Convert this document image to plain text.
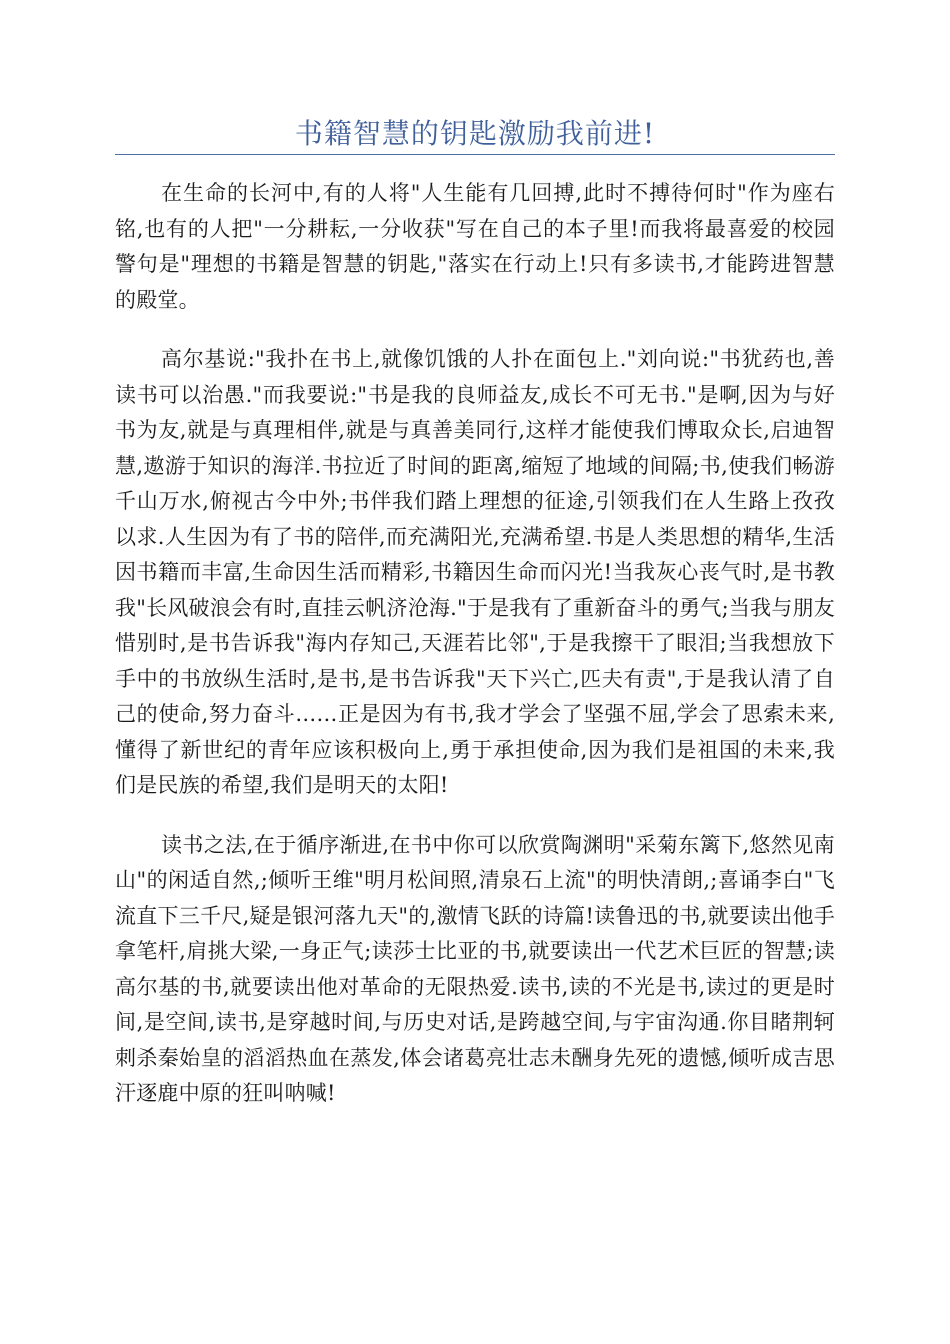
书籍智慧的钥匙激励我前进!

在生命的长河中,有的人将"人生能有几回搏,此时不搏待何时"作为座右铭,也有的人把"一分耕耘,一分收获"写在自己的本子里!而我将最喜爱的校园警句是"理想的书籍是智慧的钥匙,"落实在行动上!只有多读书,才能跨进智慧的殿堂。

高尔基说:"我扑在书上,就像饥饿的人扑在面包上."刘向说:"书犹药也,善读书可以治愚."而我要说:"书是我的良师益友,成长不可无书."是啊,因为与好书为友,就是与真理相伴,就是与真善美同行,这样才能使我们博取众长,启迪智慧,遨游于知识的海洋.书拉近了时间的距离,缩短了地域的间隔;书,使我们畅游千山万水,俯视古今中外;书伴我们踏上理想的征途,引领我们在人生路上孜孜以求.人生因为有了书的陪伴,而充满阳光,充满希望.书是人类思想的精华,生活因书籍而丰富,生命因生活而精彩,书籍因生命而闪光!当我灰心丧气时,是书教我"长风破浪会有时,直挂云帆济沧海."于是我有了重新奋斗的勇气;当我与朋友惜别时,是书告诉我"海内存知己,天涯若比邻",于是我擦干了眼泪;当我想放下手中的书放纵生活时,是书,是书告诉我"天下兴亡,匹夫有责",于是我认清了自己的使命,努力奋斗……正是因为有书,我才学会了坚强不屈,学会了思索未来,懂得了新世纪的青年应该积极向上,勇于承担使命,因为我们是祖国的未来,我们是民族的希望,我们是明天的太阳!

读书之法,在于循序渐进,在书中你可以欣赏陶渊明"采菊东篱下,悠然见南山"的闲适自然,;倾听王维"明月松间照,清泉石上流"的明快清朗,;喜诵李白"飞流直下三千尺,疑是银河落九天"的,激情飞跃的诗篇!读鲁迅的书,就要读出他手拿笔杆,肩挑大梁,一身正气;读莎士比亚的书,就要读出一代艺术巨匠的智慧;读高尔基的书,就要读出他对革命的无限热爱.读书,读的不光是书,读过的更是时间,是空间,读书,是穿越时间,与历史对话,是跨越空间,与宇宙沟通.你目睹荆轲刺杀秦始皇的滔滔热血在蒸发,体会诸葛亮壮志未酬身先死的遗憾,倾听成吉思汗逐鹿中原的狂叫呐喊!
